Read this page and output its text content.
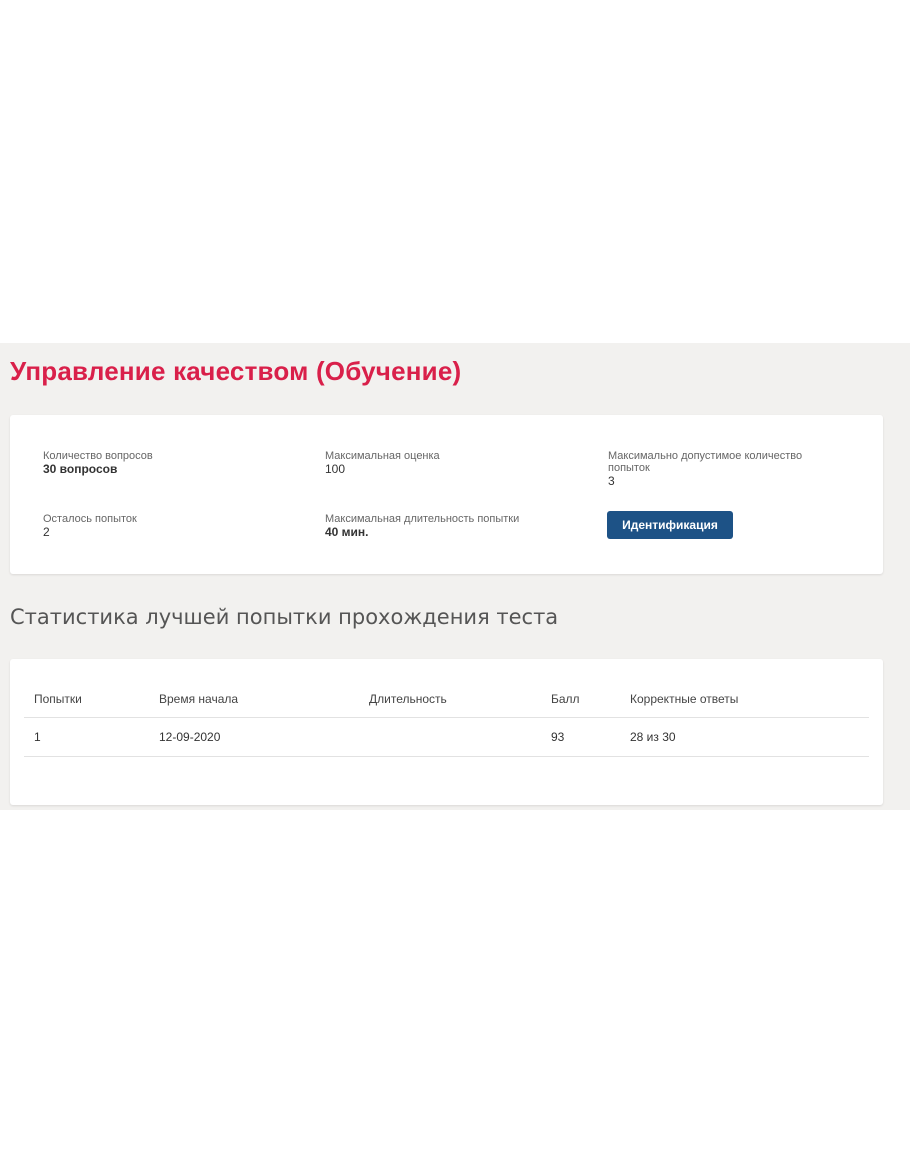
Управление качеством (Обучение)
Количество вопросов
30 вопросов
Максимальная оценка
100
Максимально допустимое количество попыток
3
Осталось попыток
2
Максимальная длительность попытки
40 мин.	Идентификация
Статистика лучшей попытки прохождения теста
Попытки	Время начала	Длительность	Балл	Корректные ответы
1	12-09-2020		93	28 из 30
